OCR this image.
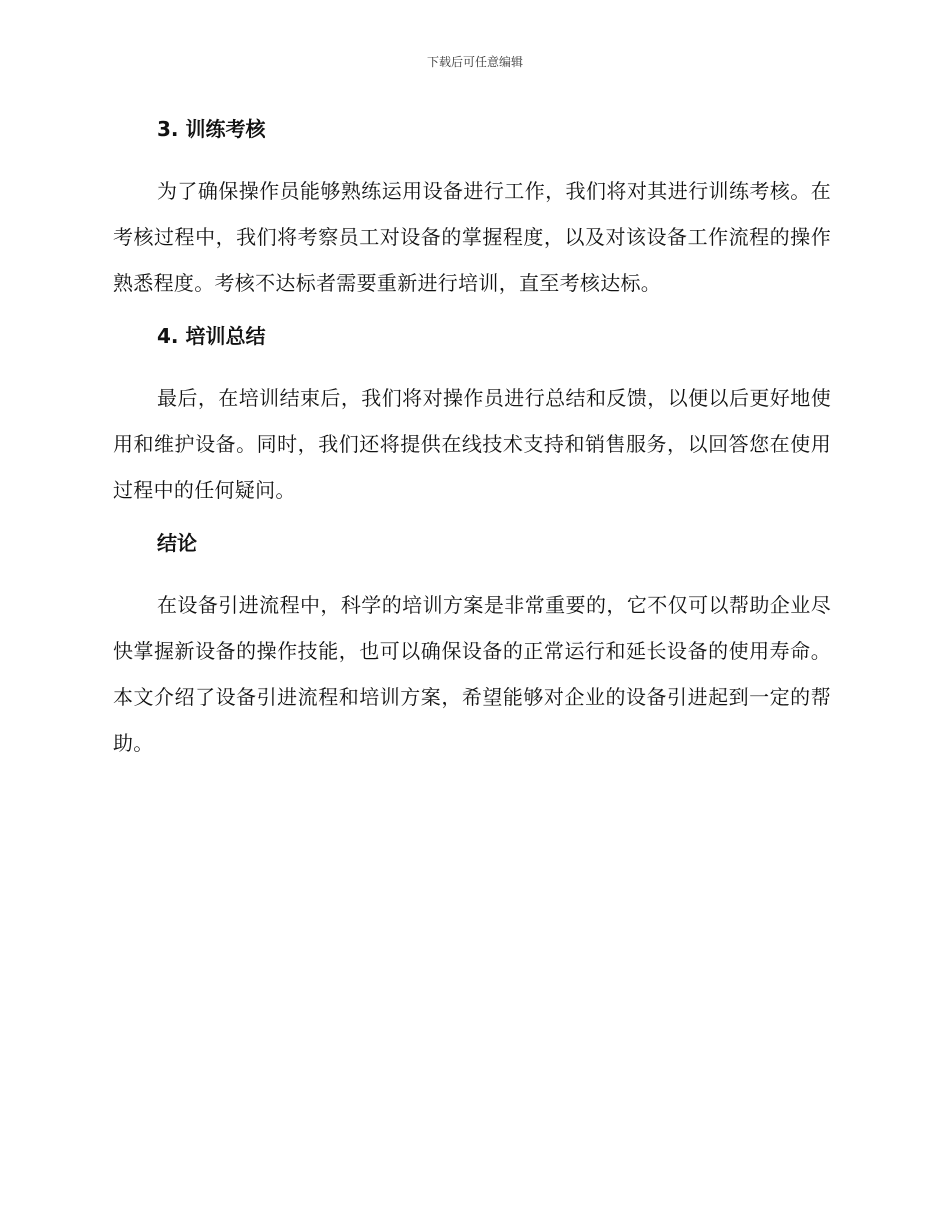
下载后可任意编辑
3. 训练考核

为了确保操作员能够熟练运用设备进行工作，我们将对其进行训练考核。在考核过程中，我们将考察员工对设备的掌握程度，以及对该设备工作流程的操作熟悉程度。考核不达标者需要重新进行培训，直至考核达标。

4. 培训总结

最后，在培训结束后，我们将对操作员进行总结和反馈，以便以后更好地使用和维护设备。同时，我们还将提供在线技术支持和销售服务，以回答您在使用过程中的任何疑问。

结论

在设备引进流程中，科学的培训方案是非常重要的，它不仅可以帮助企业尽快掌握新设备的操作技能，也可以确保设备的正常运行和延长设备的使用寿命。本文介绍了设备引进流程和培训方案，希望能够对企业的设备引进起到一定的帮助。
